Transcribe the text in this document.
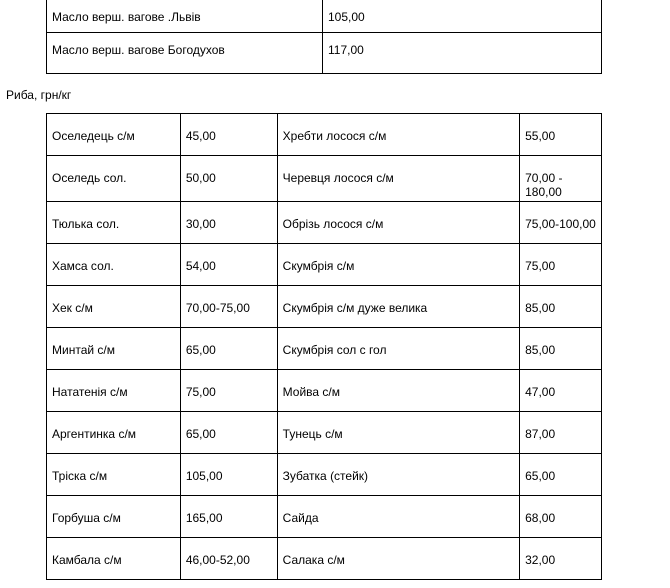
Масло верш. вагове .Львів	105,00
Масло верш. вагове Богодухов	117,00
Риба, грн/кг
Оселедець с/м	45,00	Хребти лосося с/м	55,00
Оселедь сол.	50,00	Черевця лосося с/м	70,00 - 180,00
Тюлька сол.	30,00	Обрізь лосося с/м	75,00-100,00
Хамса сол.	54,00	Скумбрія с/м	75,00
Хек с/м	70,00-75,00	Скумбрія с/м дуже велика	85,00
Минтай с/м	65,00	Скумбрія сол с гол	85,00
Нататенія с/м	75,00	Мойва с/м	47,00
Аргентинка с/м	65,00	Тунець с/м	87,00
Тріска с/м	105,00	Зубатка (стейк)	65,00
Горбуша с/м	165,00	Сайда	68,00
Камбала с/м	46,00-52,00	Салака с/м	32,00
